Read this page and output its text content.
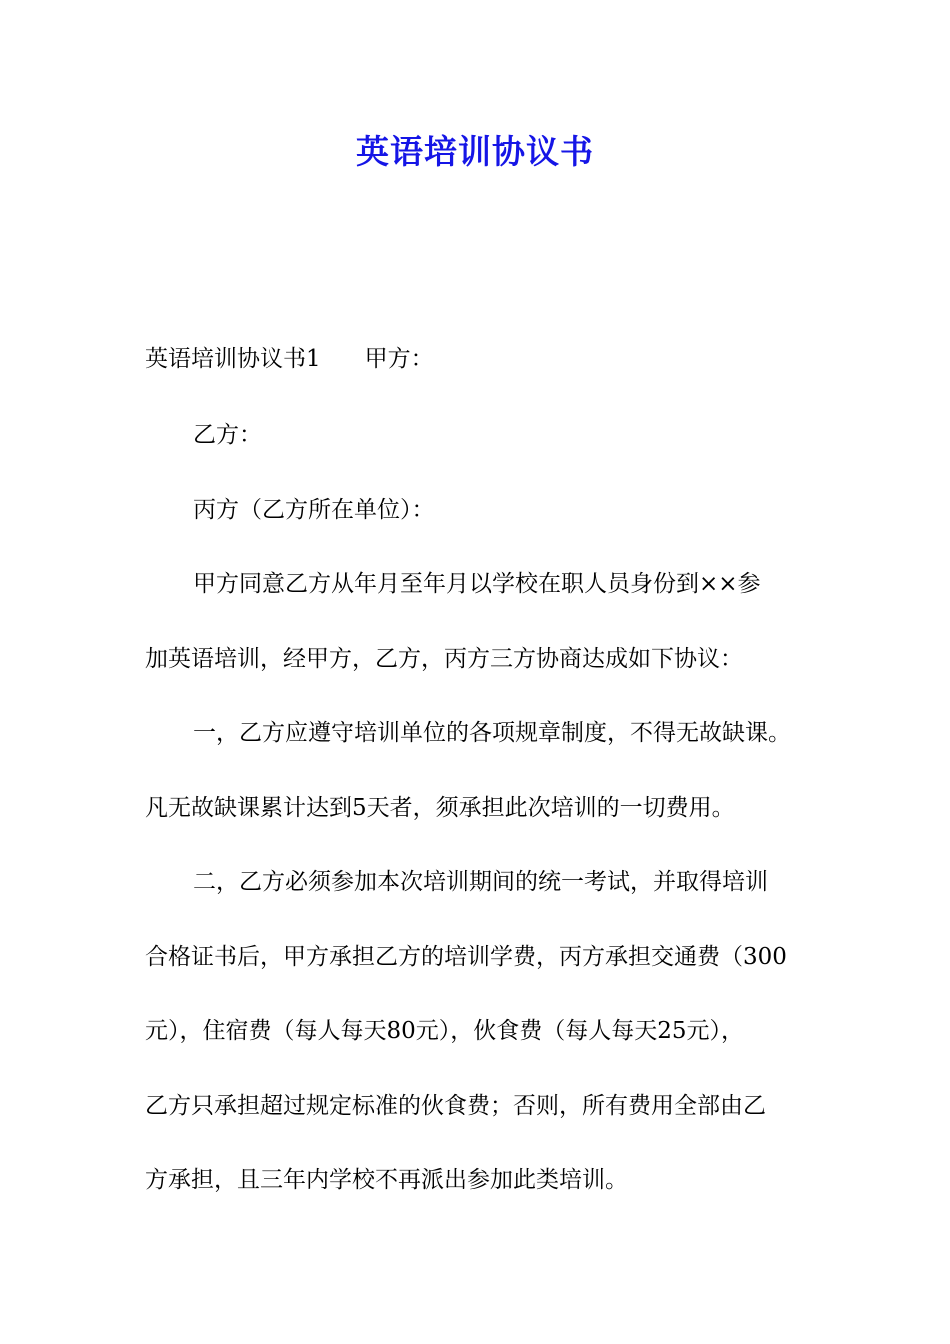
英语培训协议书
英语培训协议书1 甲方：
乙方：
丙方（乙方所在单位）：
甲方同意乙方从年月至年月以学校在职人员身份到××参
加英语培训，经甲方，乙方，丙方三方协商达成如下协议：
一，乙方应遵守培训单位的各项规章制度，不得无故缺课。
凡无故缺课累计达到5天者，须承担此次培训的一切费用。
二，乙方必须参加本次培训期间的统一考试，并取得培训
合格证书后，甲方承担乙方的培训学费，丙方承担交通费（300
元），住宿费（每人每天80元），伙食费（每人每天25元），
乙方只承担超过规定标准的伙食费；否则，所有费用全部由乙
方承担，且三年内学校不再派出参加此类培训。
